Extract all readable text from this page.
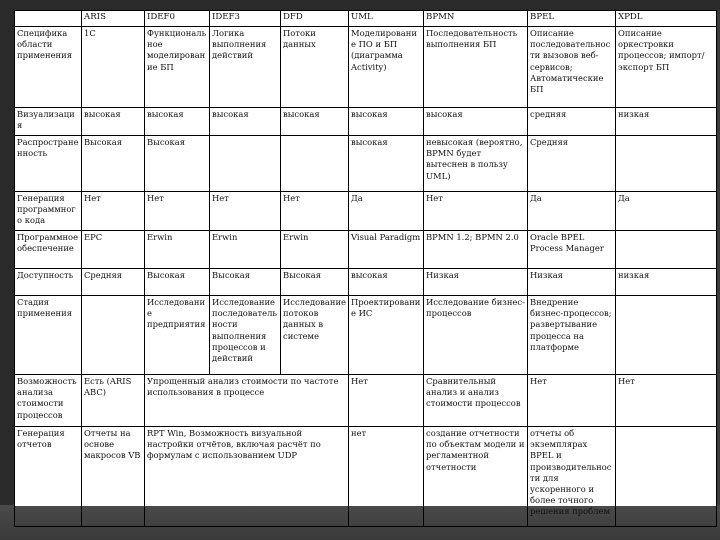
	ARIS	IDEF0	IDEF3	DFD	UML	BPMN	BPEL	XPDL
Специфика области применения	1С	Функциональное моделирование БП	Логика выполнения действий	Потоки данных	Моделирование ПО и БП (диаграмма Activity)	Последовательность выполнения БП	Описание последовательности вызовов веб-сервисов; Автоматические БП	Описание оркестровки процессов; импорт/экспорт БП
Визуализация	высокая	высокая	высокая	высокая	высокая	высокая	средняя	низкая
Распространенность	Высокая	Высокая			высокая	невысокая (вероятно, BPMN будет вытеснен в пользу UML)	Средняя	
Генерация программного кода	Нет	Нет	Нет	Нет	Да	Нет	Да	Да
Программное обеспечение	EPC	Erwin	Erwin	Erwin	Visual Paradigm	BPMN 1.2; BPMN 2.0	Oracle BPEL Process Manager	
Доступность	Средняя	Высокая	Высокая	Высокая	высокая	Низкая	Низкая	низкая
Стадия применения		Исследование предприятия	Исследование последовательности выполнения процессов и действий	Исследование потоков данных в системе	Проектирование ИС	Исследование бизнес-процессов	Внедрение бизнес-процессов; развертывание процесса на платформе	
Возможность анализа стоимости процессов	Есть (ARIS ABC)	Упрощенный анализ стоимости по частоте использования в процессе			Нет	Сравнительный анализ и анализ стоимости процессов	Нет	Нет
Генерация отчетов	Отчеты на основе макросов VB	RPT Win, Возможность визуальной настройки отчётов, включая расчёт по формулам с использованием UDP			нет	создание отчетности по объектам модели и регламентной отчетности	отчеты об экземплярах BPEL и производительности для ускоренного и более точного решения проблем	
